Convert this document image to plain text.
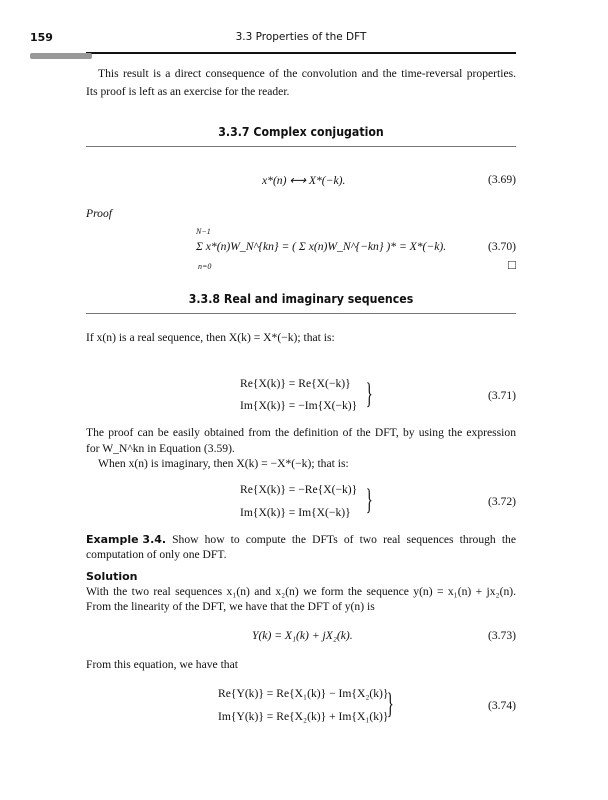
159	3.3 Properties of the DFT
This result is a direct consequence of the convolution and the time-reversal properties.
Its proof is left as an exercise for the reader.
3.3.7 Complex conjugation
x*(n) ⟷ X*(−k).	(3.69)
Proof
N−1
n=0
Σ x*(n)W_N^{kn} = ( Σ x(n)W_N^{−kn} )* = X*(−k).	(3.70)
□
3.3.8 Real and imaginary sequences
If x(n) is a real sequence, then X(k) = X*(−k); that is:
Re{X(k)} = Re{X(−k)}
Im{X(k)} = −Im{X(−k)} }	(3.71)
The proof can be easily obtained from the definition of the DFT, by using the expression
for W_N^kn in Equation (3.59).
When x(n) is imaginary, then X(k) = −X*(−k); that is:
Re{X(k)} = −Re{X(−k)}
Im{X(k)} = Im{X(−k)} }	(3.72)
Example 3.4. Show how to compute the DFTs of two real sequences through the
computation of only one DFT.
Solution
With the two real sequences x₁(n) and x₂(n) we form the sequence y(n) = x₁(n) + jx₂(n).
From the linearity of the DFT, we have that the DFT of y(n) is
Y(k) = X₁(k) + jX₂(k).	(3.73)
From this equation, we have that
Re{Y(k)} = Re{X₁(k)} − Im{X₂(k)}
Im{Y(k)} = Re{X₂(k)} + Im{X₁(k)}
}	(3.74)
